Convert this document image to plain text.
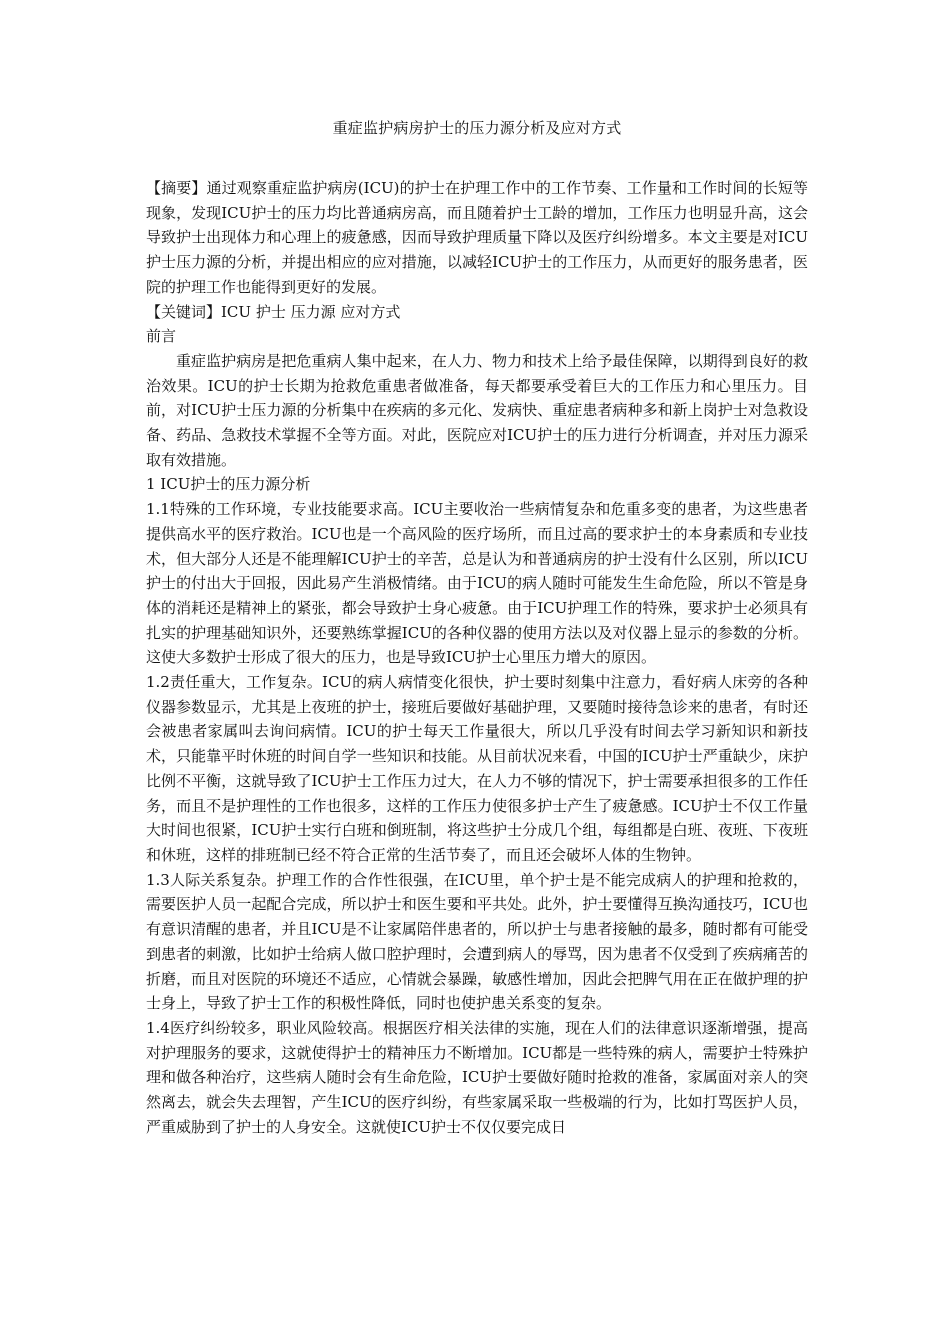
重症监护病房护士的压力源分析及应对方式

【摘要】通过观察重症监护病房(ICU)的护士在护理工作中的工作节奏、工作量和工作时间的长短等现象，发现ICU护士的压力均比普通病房高，而且随着护士工龄的增加，工作压力也明显升高，这会导致护士出现体力和心理上的疲惫感，因而导致护理质量下降以及医疗纠纷增多。本文主要是对ICU护士压力源的分析，并提出相应的应对措施，以减轻ICU护士的工作压力，从而更好的服务患者，医院的护理工作也能得到更好的发展。

【关键词】ICU 护士 压力源 应对方式

前言

重症监护病房是把危重病人集中起来，在人力、物力和技术上给予最佳保障，以期得到良好的救治效果。ICU的护士长期为抢救危重患者做准备，每天都要承受着巨大的工作压力和心里压力。目前，对ICU护士压力源的分析集中在疾病的多元化、发病快、重症患者病种多和新上岗护士对急救设备、药品、急救技术掌握不全等方面。对此，医院应对ICU护士的压力进行分析调查，并对压力源采取有效措施。

1 ICU护士的压力源分析

1.1特殊的工作环境，专业技能要求高。ICU主要收治一些病情复杂和危重多变的患者，为这些患者提供高水平的医疗救治。ICU也是一个高风险的医疗场所，而且过高的要求护士的本身素质和专业技术，但大部分人还是不能理解ICU护士的辛苦，总是认为和普通病房的护士没有什么区别，所以ICU护士的付出大于回报，因此易产生消极情绪。由于ICU的病人随时可能发生生命危险，所以不管是身体的消耗还是精神上的紧张，都会导致护士身心疲惫。由于ICU护理工作的特殊，要求护士必须具有扎实的护理基础知识外，还要熟练掌握ICU的各种仪器的使用方法以及对仪器上显示的参数的分析。这使大多数护士形成了很大的压力，也是导致ICU护士心里压力增大的原因。

1.2责任重大，工作复杂。ICU的病人病情变化很快，护士要时刻集中注意力，看好病人床旁的各种仪器参数显示，尤其是上夜班的护士，接班后要做好基础护理，又要随时接待急诊来的患者，有时还会被患者家属叫去询问病情。ICU的护士每天工作量很大，所以几乎没有时间去学习新知识和新技术，只能靠平时休班的时间自学一些知识和技能。从目前状况来看，中国的ICU护士严重缺少，床护比例不平衡，这就导致了ICU护士工作压力过大，在人力不够的情况下，护士需要承担很多的工作任务，而且不是护理性的工作也很多，这样的工作压力使很多护士产生了疲惫感。ICU护士不仅工作量大时间也很紧，ICU护士实行白班和倒班制，将这些护士分成几个组，每组都是白班、夜班、下夜班和休班，这样的排班制已经不符合正常的生活节奏了，而且还会破坏人体的生物钟。

1.3人际关系复杂。护理工作的合作性很强，在ICU里，单个护士是不能完成病人的护理和抢救的，需要医护人员一起配合完成，所以护士和医生要和平共处。此外，护士要懂得互换沟通技巧，ICU也有意识清醒的患者，并且ICU是不让家属陪伴患者的，所以护士与患者接触的最多，随时都有可能受到患者的刺激，比如护士给病人做口腔护理时，会遭到病人的辱骂，因为患者不仅受到了疾病痛苦的折磨，而且对医院的环境还不适应，心情就会暴躁，敏感性增加，因此会把脾气用在正在做护理的护士身上，导致了护士工作的积极性降低，同时也使护患关系变的复杂。

1.4医疗纠纷较多，职业风险较高。根据医疗相关法律的实施，现在人们的法律意识逐渐增强，提高对护理服务的要求，这就使得护士的精神压力不断增加。ICU都是一些特殊的病人，需要护士特殊护理和做各种治疗，这些病人随时会有生命危险，ICU护士要做好随时抢救的准备，家属面对亲人的突然离去，就会失去理智，产生ICU的医疗纠纷，有些家属采取一些极端的行为，比如打骂医护人员，严重威胁到了护士的人身安全。这就使ICU护士不仅仅要完成日
